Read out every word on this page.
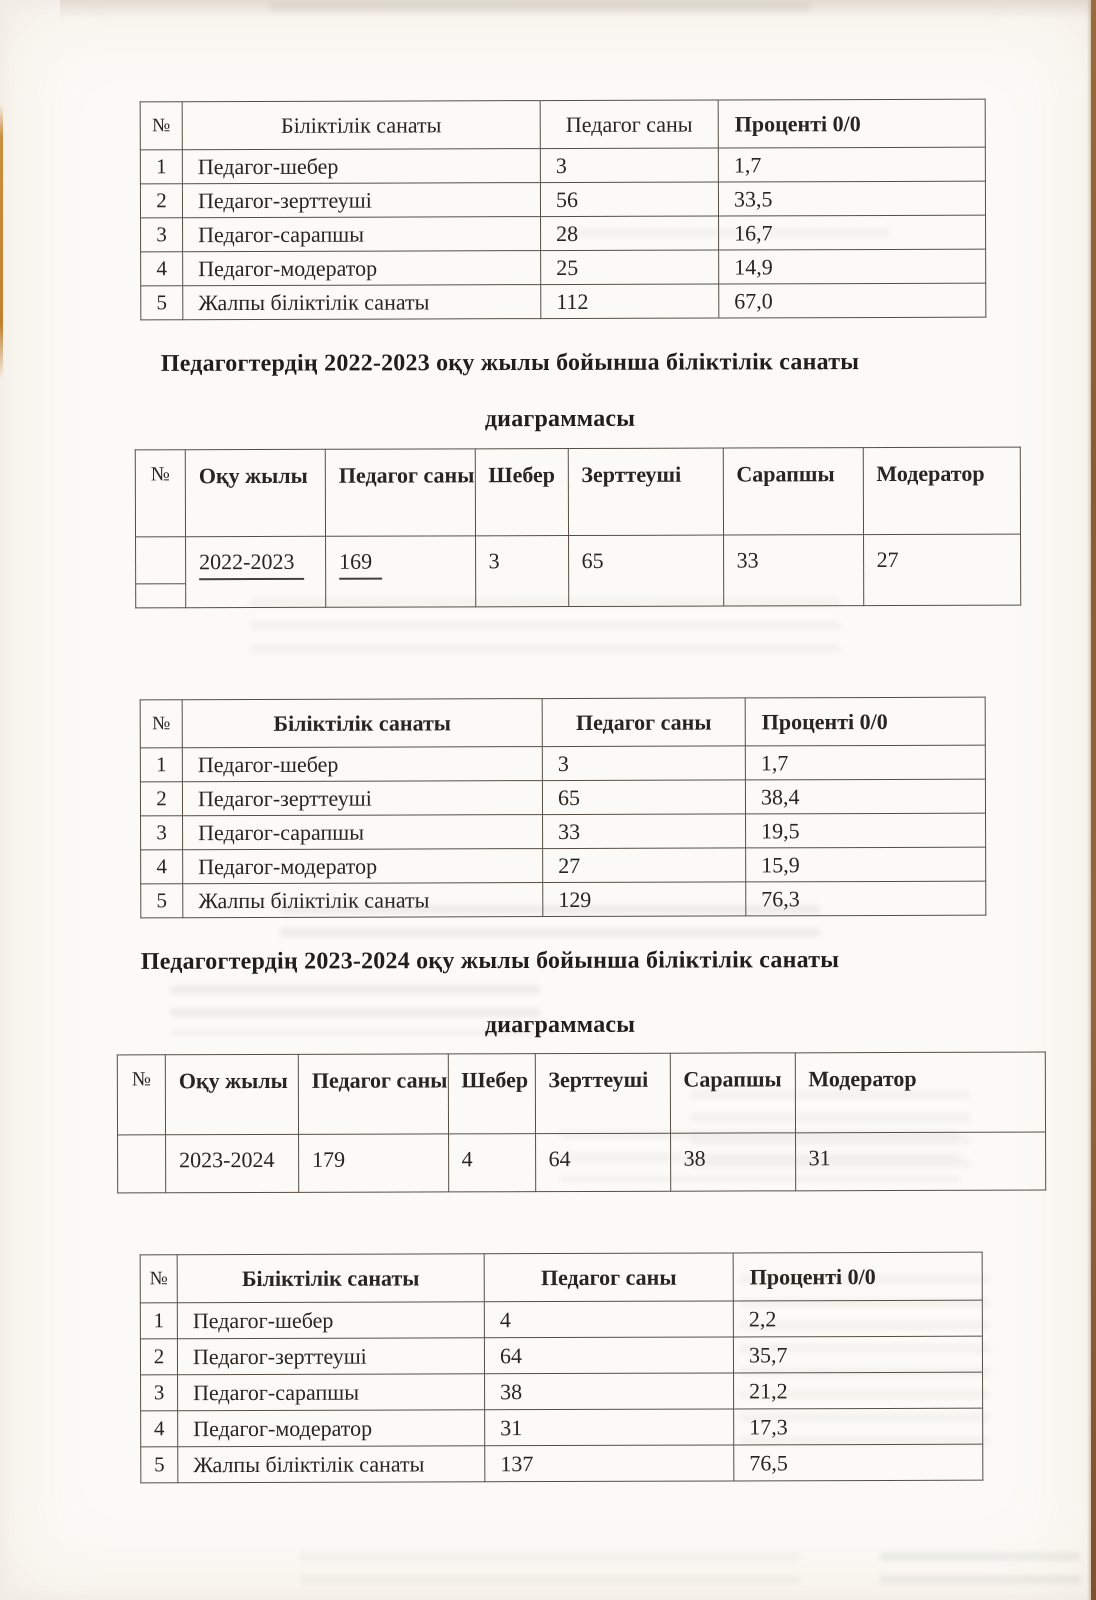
№	Біліктілік санаты	Педагог саны	Проценті 0/0
1	Педагог-шебер	3	1,7
2	Педагог-зерттеуші	56	33,5
3	Педагог-сарапшы	28	16,7
4	Педагог-модератор	25	14,9
5	Жалпы біліктілік санаты	112	67,0
Педагогтердің 2022-2023 оқу жылы бойынша біліктілік санаты
диаграммасы
№	Оқу жылы	Педагог саны	Шебер	Зерттеуші	Сарапшы	Модератор

	2022-2023	169	3	65	33	27
№	Біліктілік санаты	Педагог саны	Проценті 0/0
1	Педагог-шебер	3	1,7
2	Педагог-зерттеуші	65	38,4
3	Педагог-сарапшы	33	19,5
4	Педагог-модератор	27	15,9
5	Жалпы біліктілік санаты	129	76,3
Педагогтердің 2023-2024 оқу жылы бойынша біліктілік санаты
диаграммасы
№	Оқу жылы	Педагог саны	Шебер	Зерттеуші	Сарапшы	Модератор
	2023-2024	179	4	64	38	31
№	Біліктілік санаты	Педагог саны	Проценті 0/0
1	Педагог-шебер	4	2,2
2	Педагог-зерттеуші	64	35,7
3	Педагог-сарапшы	38	21,2
4	Педагог-модератор	31	17,3
5	Жалпы біліктілік санаты	137	76,5
